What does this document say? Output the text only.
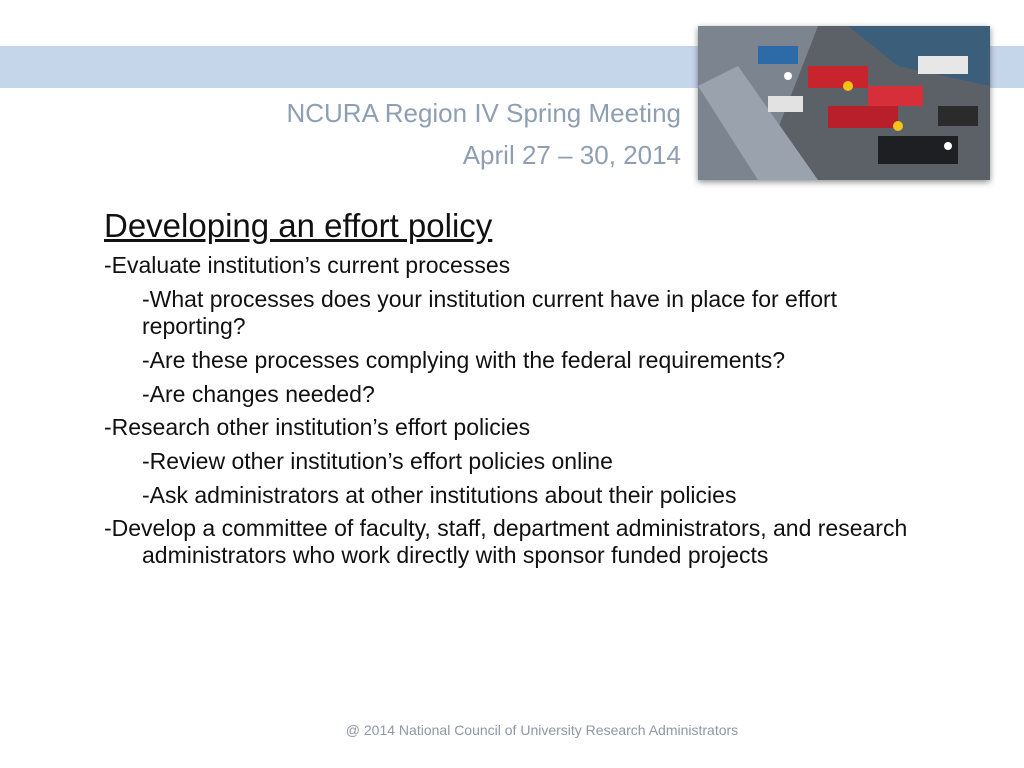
NCURA Region IV Spring Meeting
April 27 – 30, 2014
Developing an effort policy
-Evaluate institution’s current processes
-What processes does your institution current have in place for effort reporting?
-Are these processes complying with the federal requirements?
-Are changes needed?
-Research other institution’s effort policies
-Review other institution’s effort policies online
-Ask administrators at other institutions about their policies
-Develop a committee of faculty, staff, department administrators, and research administrators who work directly with sponsor funded projects
@ 2014 National Council of University Research Administrators
